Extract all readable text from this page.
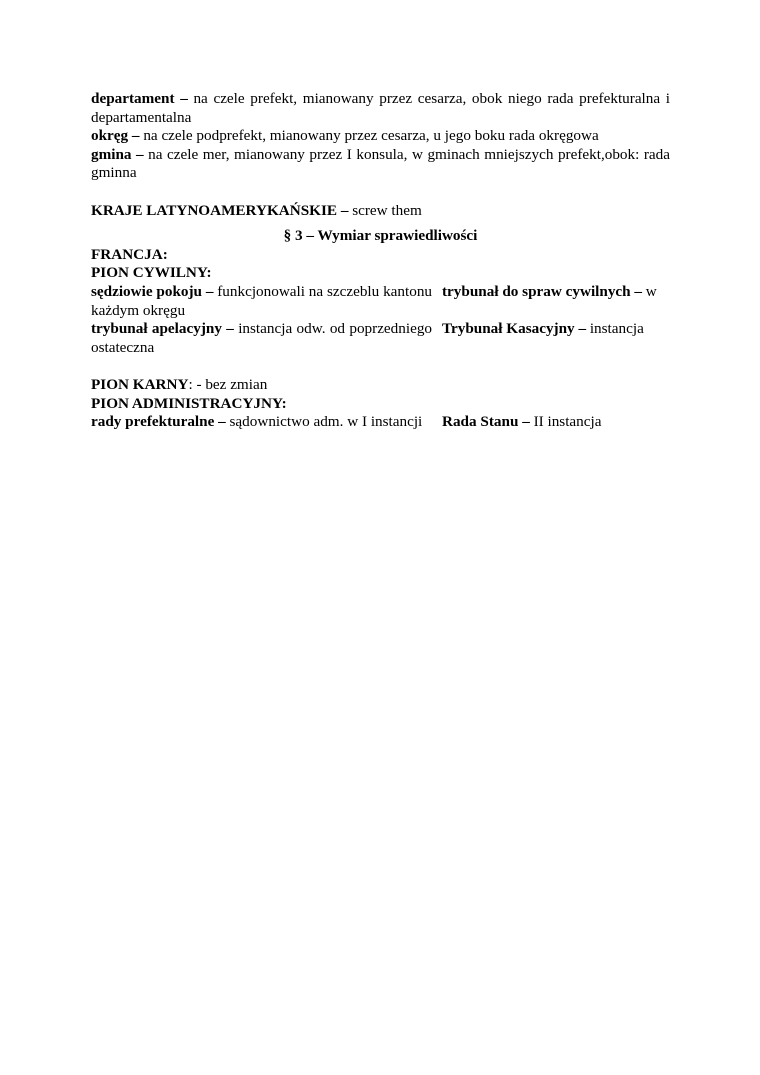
departament – na czele prefekt, mianowany przez cesarza, obok niego rada prefekturalna i departamentalna

okręg – na czele podprefekt, mianowany przez cesarza, u jego boku rada okręgowa

gmina – na czele mer, mianowany przez I konsula, w gminach mniejszych prefekt,obok: rada gminna

KRAJE LATYNOAMERYKAŃSKIE – screw them

§ 3 – Wymiar sprawiedliwości

FRANCJA:

PION CYWILNY:

sędziowie pokoju – funkcjonowali na szczeblu kantonu każdym okręgu
trybunał do spraw cywilnych – w
trybunał apelacyjny – instancja odw. od poprzedniego ostateczna
Trybunał Kasacyjny – instancja

PION KARNY: - bez zmian

PION ADMINISTRACYJNY:

rady prefekturalne – sądownictwo adm. w I instancji	Rada Stanu – II instancja
